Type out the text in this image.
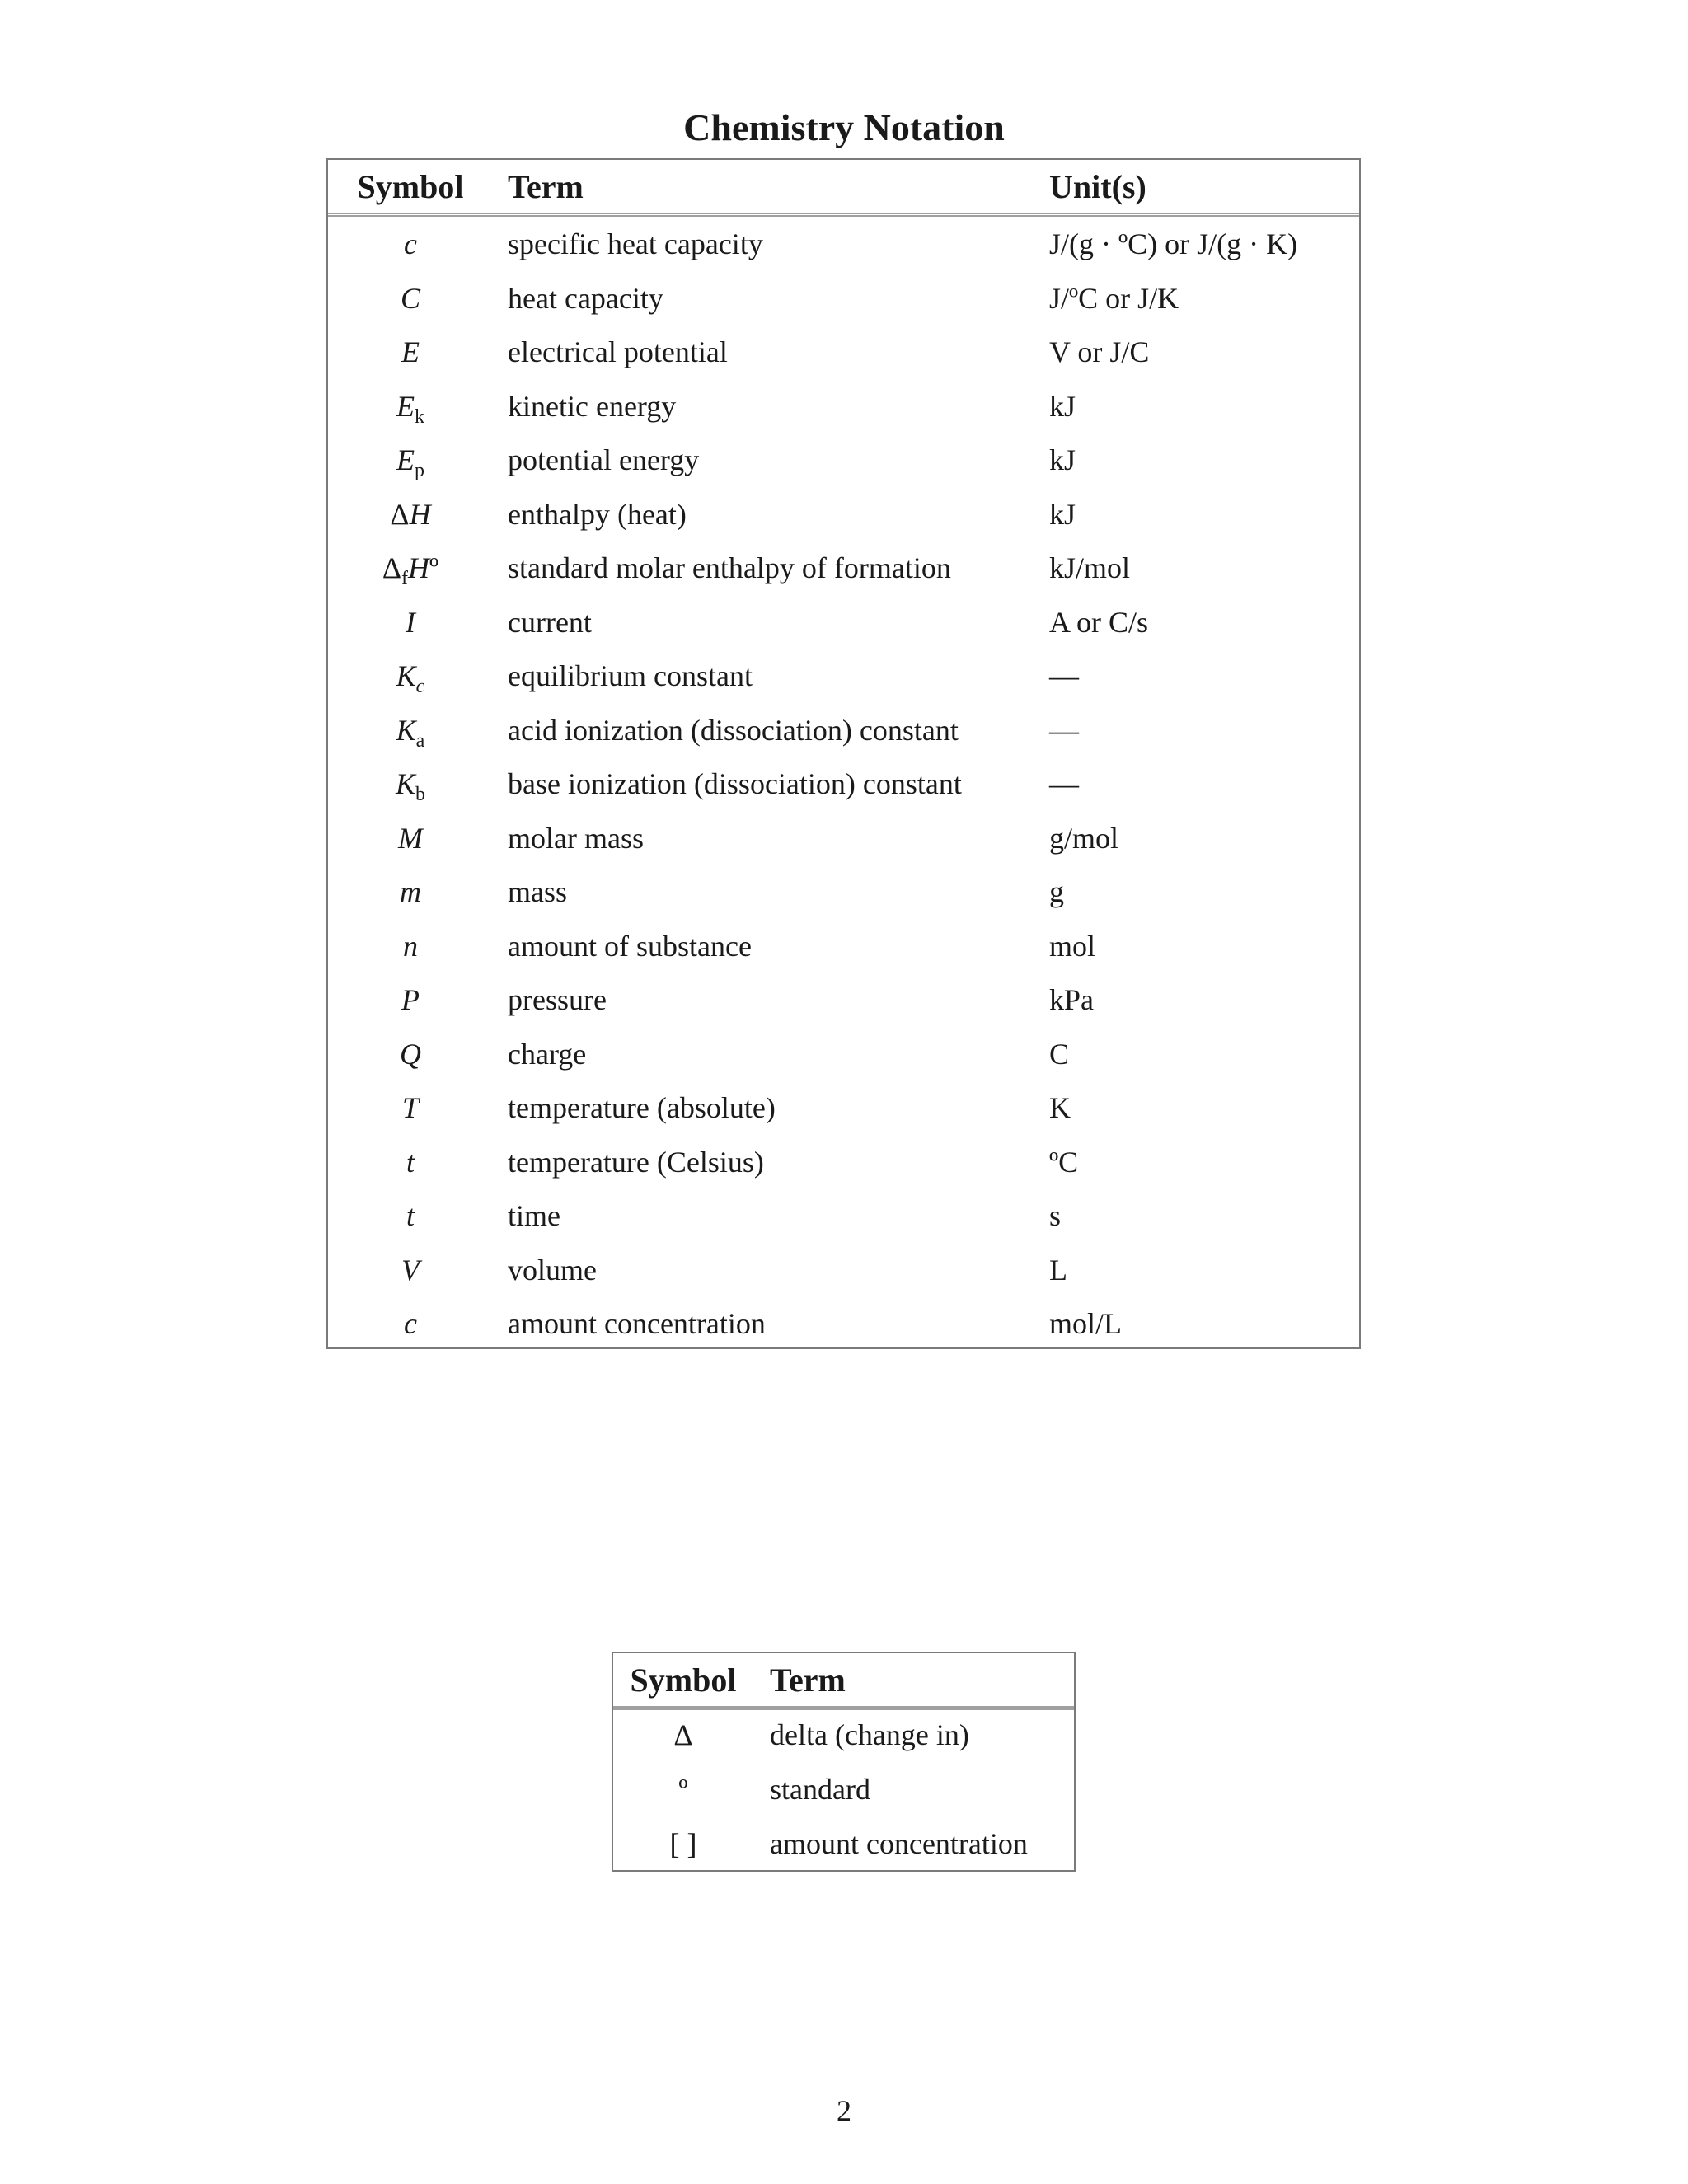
Chemistry Notation
Symbol	Term	Unit(s)
c	specific heat capacity	J/(g · ºC) or J/(g · K)
C	heat capacity	J/ºC or J/K
E	electrical potential	V or J/C
$E_k$	kinetic energy	kJ
$E_p$	potential energy	kJ
ΔH	enthalpy (heat)	kJ
$\Delta_fHº$	standard molar enthalpy of formation	kJ/mol
I	current	A or C/s
$K_c$	equilibrium constant	—
$K_a$	acid ionization (dissociation) constant	—
$K_b$	base ionization (dissociation) constant	—
M	molar mass	g/mol
m	mass	g
n	amount of substance	mol
P	pressure	kPa
Q	charge	C
T	temperature (absolute)	K
t	temperature (Celsius)	ºC
t	time	s
V	volume	L
c	amount concentration	mol/L
Symbol	Term
Δ	delta (change in)
º	standard
[ ]	amount concentration
2
